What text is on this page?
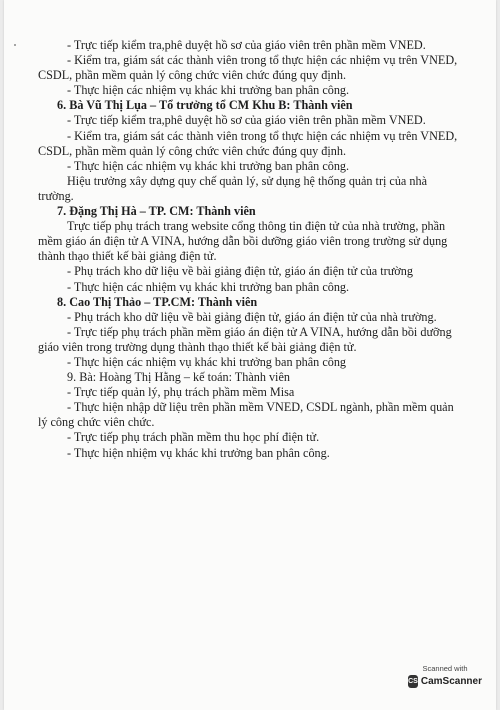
- Trực tiếp kiểm tra,phê duyệt hồ sơ của giáo viên trên phần mềm VNED.
- Kiểm tra, giám sát các thành viên trong tổ thực hiện các nhiệm vụ trên VNED,
CSDL, phần mềm quản lý công chức viên chức đúng quy định.
- Thực hiện các nhiệm vụ khác khi trưởng ban phân công.
6. Bà Vũ Thị Lụa – Tổ trưởng tổ CM Khu B: Thành viên
- Trực tiếp kiểm tra,phê duyệt hồ sơ của giáo viên trên phần mềm VNED.
- Kiểm tra, giám sát các thành viên trong tổ thực hiện các nhiệm vụ trên VNED,
CSDL, phần mềm quản lý công chức viên chức đúng quy định.
- Thực hiện các nhiệm vụ khác khi trưởng ban phân công.
Hiệu trưởng xây dựng quy chế quản lý, sử dụng hệ thống quản trị của nhà
trường.
7. Đặng Thị Hà – TP. CM: Thành viên
Trực tiếp phụ trách trang website cổng thông tin điện tử của nhà trường, phần
mềm giáo án điện tử A VINA, hướng dẫn bồi dưỡng giáo viên trong trường sử dụng
thành thạo thiết kế bài giảng điện tử.
- Phụ trách kho dữ liệu về bài giảng điện tử, giáo án điện tử của trường
- Thực hiện các nhiệm vụ khác khi trưởng ban phân công.
8. Cao Thị Thảo – TP.CM: Thành viên
- Phụ trách kho dữ liệu về bài giảng điện tử, giáo án điện tử của nhà trường.
- Trực tiếp phụ trách phần mềm giáo án điện tử A VINA, hướng dẫn bồi dưỡng
giáo viên trong trường dụng thành thạo thiết kế bài giảng điện tử.
- Thực hiện các nhiệm vụ khác khi trưởng ban phân công
9. Bà: Hoàng Thị Hằng – kế toán: Thành viên
- Trực tiếp quản lý, phụ trách phầm mềm Misa
- Thực hiện nhập dữ liệu trên phần mềm VNED, CSDL ngành, phần mềm quản
lý công chức viên chức.
- Trực tiếp phụ trách phần mềm thu học phí điện tử.
- Thực hiện nhiệm vụ khác khi trưởng ban phân công.
Scanned with
CS CamScanner
